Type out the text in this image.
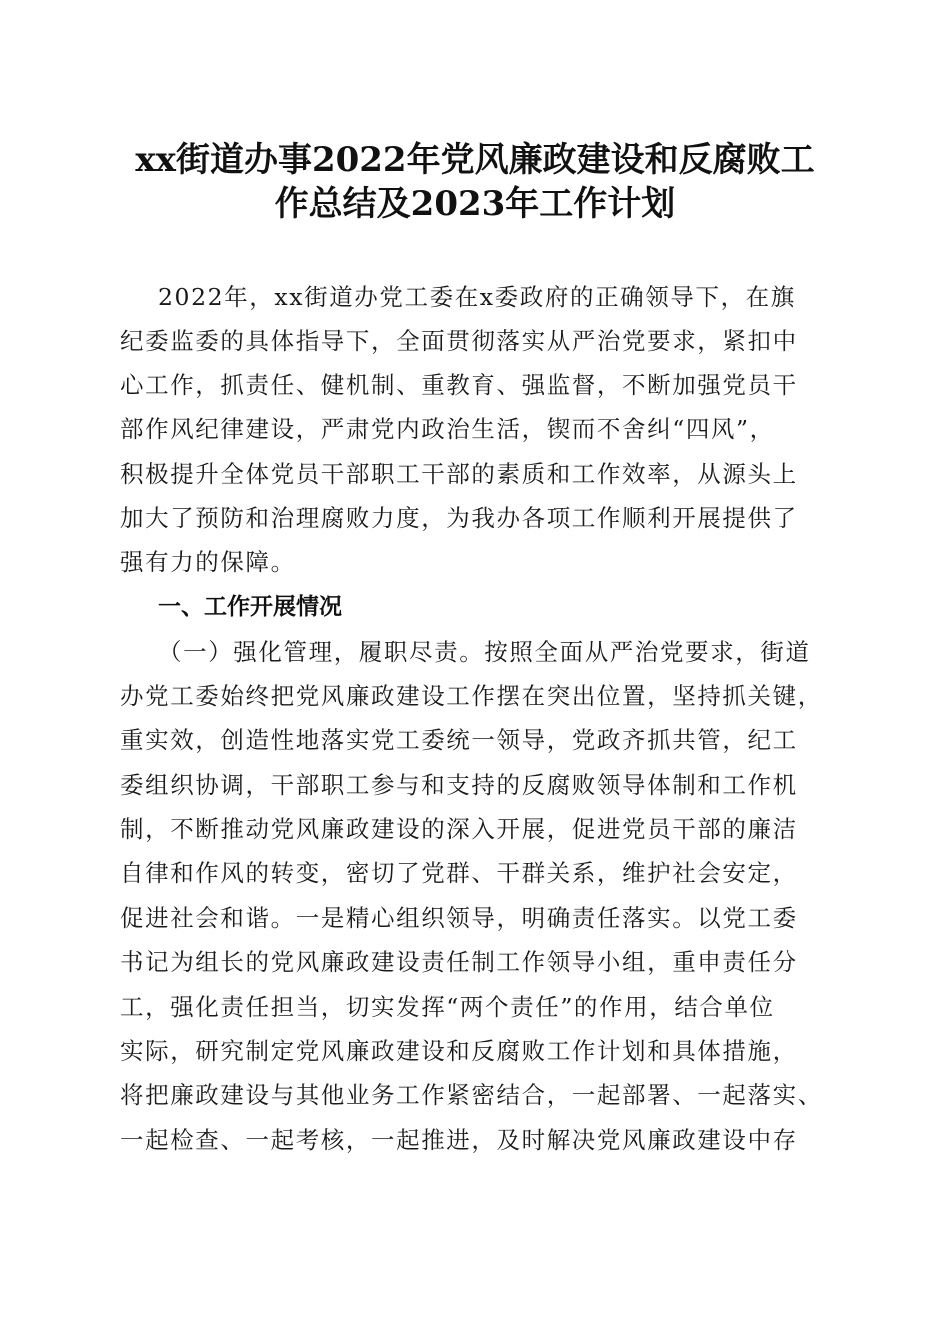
xx街道办事2022年党风廉政建设和反腐败工
作总结及2023年工作计划
2022年，xx街道办党工委在x委政府的正确领导下，在旗
纪委监委的具体指导下，全面贯彻落实从严治党要求，紧扣中
心工作，抓责任、健机制、重教育、强监督，不断加强党员干
部作风纪律建设，严肃党内政治生活，锲而不舍纠“四风”，
积极提升全体党员干部职工干部的素质和工作效率，从源头上
加大了预防和治理腐败力度，为我办各项工作顺利开展提供了
强有力的保障。
一、工作开展情况
（一）强化管理，履职尽责。按照全面从严治党要求，街道
办党工委始终把党风廉政建设工作摆在突出位置，坚持抓关键，
重实效，创造性地落实党工委统一领导，党政齐抓共管，纪工
委组织协调，干部职工参与和支持的反腐败领导体制和工作机
制，不断推动党风廉政建设的深入开展，促进党员干部的廉洁
自律和作风的转变，密切了党群、干群关系，维护社会安定，
促进社会和谐。一是精心组织领导，明确责任落实。以党工委
书记为组长的党风廉政建设责任制工作领导小组，重申责任分
工，强化责任担当，切实发挥“两个责任”的作用，结合单位
实际，研究制定党风廉政建设和反腐败工作计划和具体措施，
将把廉政建设与其他业务工作紧密结合，一起部署、一起落实、
一起检查、一起考核，一起推进，及时解决党风廉政建设中存
